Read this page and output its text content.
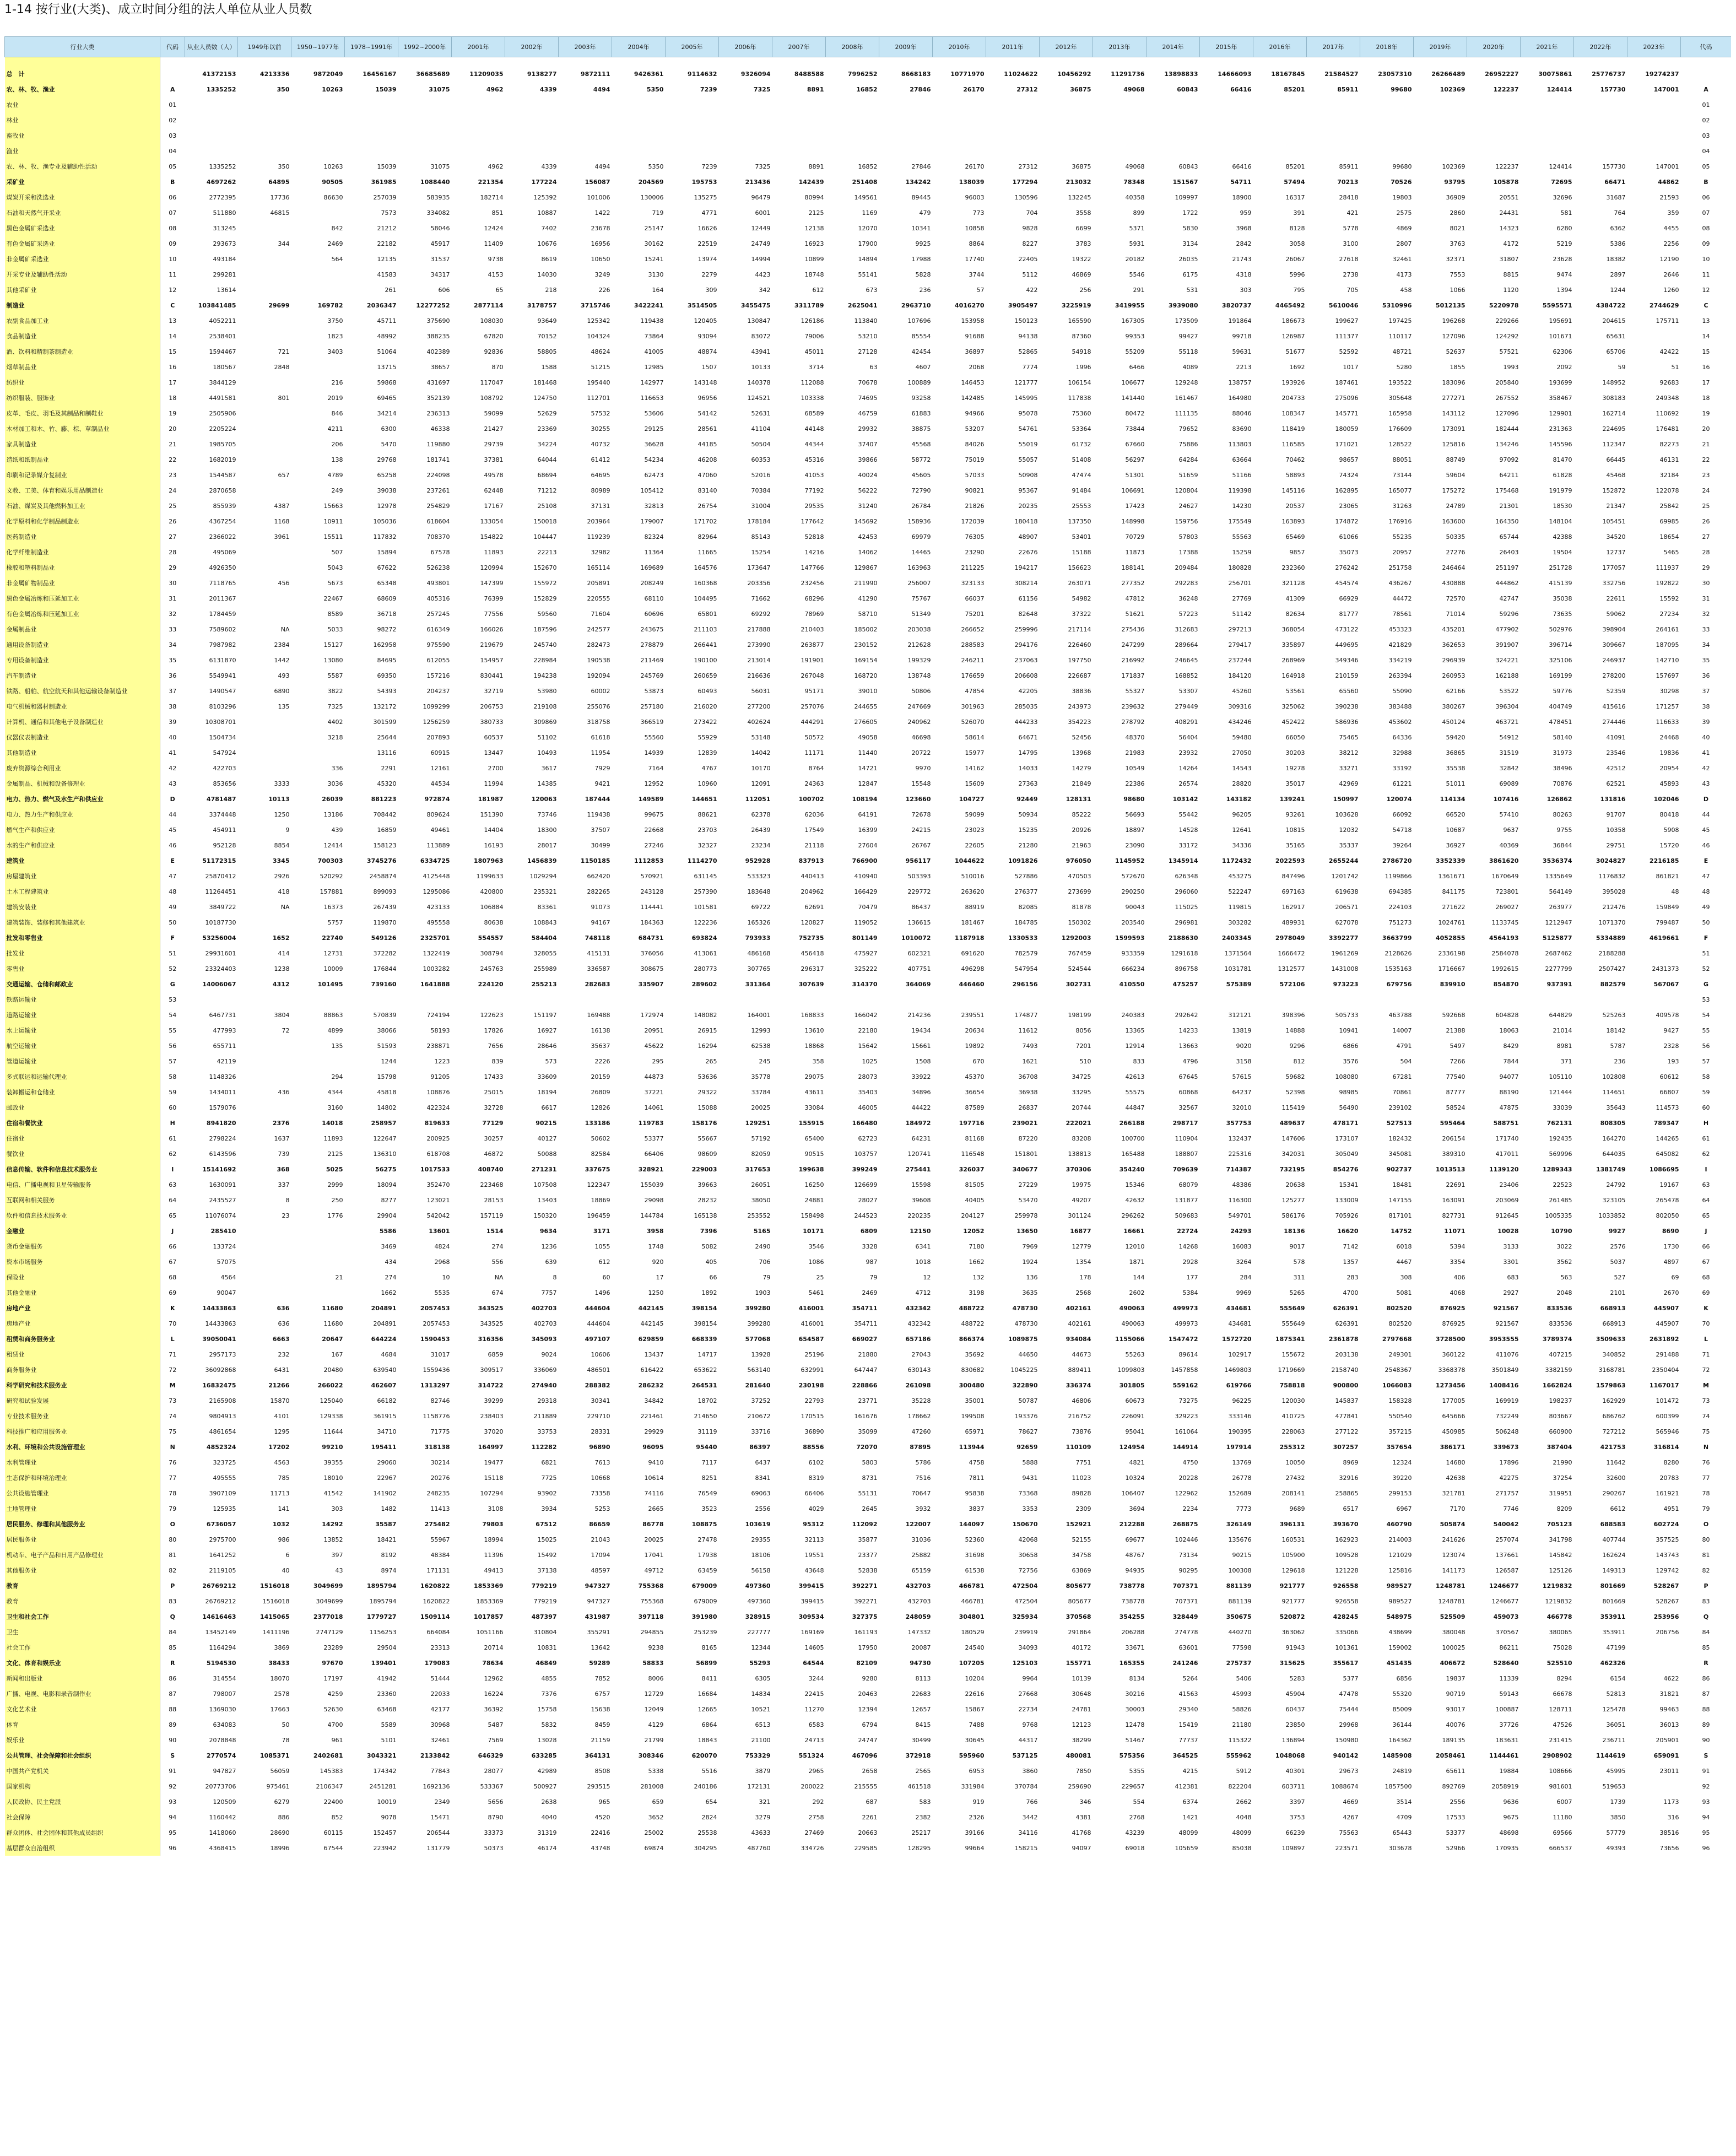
1-14 按行业(大类)、成立时间分组的法人单位从业人员数
行业大类	代码	从业人员数（人）	1949年以前	1950~1977年	1978~1991年	1992~2000年	2001年	2002年	2003年	2004年	2005年	2006年	2007年	2008年	2009年	2010年	2011年	2012年	2013年	2014年	2015年	2016年	2017年	2018年	2019年	2020年	2021年	2022年	2023年	代码

总　计		41372153	4213336	9872049	16456167	36685689	11209035	9138277	9872111	9426361	9114632	9326094	8488588	7996252	8668183	10771970	11024622	10456292	11291736	13898833	14666093	18167845	21584527	23057310	26266489	26952227	30075861	25776737	19274237	
农、林、牧、渔业	A	1335252	350	10263	15039	31075	4962	4339	4494	5350	7239	7325	8891	16852	27846	26170	27312	36875	49068	60843	66416	85201	85911	99680	102369	122237	124414	157730	147001	A
农业	01																													01
林业	02																													02
畜牧业	03																													03
渔业	04																													04
农、林、牧、渔专业及辅助性活动	05	1335252	350	10263	15039	31075	4962	4339	4494	5350	7239	7325	8891	16852	27846	26170	27312	36875	49068	60843	66416	85201	85911	99680	102369	122237	124414	157730	147001	05
采矿业	B	4697262	64895	90505	361985	1088440	221354	177224	156087	204569	195753	213436	142439	251408	134242	138039	177294	213032	78348	151567	54711	57494	70213	70526	93795	105878	72695	66471	44862	B
煤炭开采和洗选业	06	2772395	17736	86630	257039	583935	182714	125392	101006	130006	135275	96479	80994	149561	89445	96003	130596	132245	40358	109997	18900	16317	28418	19803	36909	20551	32696	31687	21593	06
石油和天然气开采业	07	511880	46815		7573	334082	851	10887	1422	719	4771	6001	2125	1169	479	773	704	3558	899	1722	959	391	421	2575	2860	24431	581	764	359	07
黑色金属矿采选业	08	313245		842	21212	58046	12424	7402	23678	25147	16626	12449	12138	12070	10341	10858	9828	6699	5371	5830	3968	8128	5778	4869	8021	14323	6280	6362	4455	08
有色金属矿采选业	09	293673	344	2469	22182	45917	11409	10676	16956	30162	22519	24749	16923	17900	9925	8864	8227	3783	5931	3134	2842	3058	3100	2807	3763	4172	5219	5386	2256	09
非金属矿采选业	10	493184		564	12135	31537	9738	8619	10650	15241	13974	14994	10899	14894	17988	17740	22405	19322	20182	26035	21743	26067	27618	32461	32371	31807	23628	18382	12190	10
开采专业及辅助性活动	11	299281			41583	34317	4153	14030	3249	3130	2279	4423	18748	55141	5828	3744	5112	46869	5546	6175	4318	5996	2738	4173	7553	8815	9474	2897	2646	11
其他采矿业	12	13614			261	606	65	218	226	164	309	342	612	673	236	57	422	256	291	531	303	795	705	458	1066	1120	1394	1244	1260	12
制造业	C	103841485	29699	169782	2036347	12277252	2877114	3178757	3715746	3422241	3514505	3455475	3311789	2625041	2963710	4016270	3905497	3225919	3419955	3939080	3820737	4465492	5610046	5310996	5012135	5220978	5595571	4384722	2744629	C
农副食品加工业	13	4052211		3750	45711	375690	108030	93649	125342	119438	120405	130847	126186	113840	107696	153958	150123	165590	167305	173509	191864	186673	199627	197425	196268	229266	195691	204615	175711	13
食品制造业	14	2538401		1823	48992	388235	67820	70152	104324	73864	93094	83072	79006	53210	85554	91688	94138	87360	99353	99427	99718	126987	111377	110117	127096	124292	101671	65631		14
酒、饮料和精制茶制造业	15	1594467	721	3403	51064	402389	92836	58805	48624	41005	48874	43941	45011	27128	42454	36897	52865	54918	55209	55118	59631	51677	52592	48721	52637	57521	62306	65706	42422	15
烟草制品业	16	180567	2848		13715	38657	870	1588	51215	12985	1507	10133	3714	63	4607	2068	7774	1996	6466	4089	2213	1692	1017	5280	1855	1993	2092	59	51	16
纺织业	17	3844129		216	59868	431697	117047	181468	195440	142977	143148	140378	112088	70678	100889	146453	121777	106154	106677	129248	138757	193926	187461	193522	183096	205840	193699	148952	92683	17
纺织服装、服饰业	18	4491581	801	2019	69465	352139	108792	124750	112701	116653	96956	124521	103338	74695	93258	142485	145995	117838	141440	161467	164980	204733	275096	305648	277271	267552	358467	308183	249348	18
皮革、毛皮、羽毛及其制品和制鞋业	19	2505906		846	34214	236313	59099	52629	57532	53606	54142	52631	68589	46759	61883	94966	95078	75360	80472	111135	88046	108347	145771	165958	143112	127096	129901	162714	110692	19
木材加工和木、竹、藤、棕、草制品业	20	2205224		4211	6300	46338	21427	23369	30255	29125	28561	41104	44148	29932	38875	53207	54761	53364	73844	79652	83690	118419	180059	176609	173091	182444	231363	224695	176481	20
家具制造业	21	1985705		206	5470	119880	29739	34224	40732	36628	44185	50504	44344	37407	45568	84026	55019	61732	67660	75886	113803	116585	171021	128522	125816	134246	145596	112347	82273	21
造纸和纸制品业	22	1682019		138	29768	181741	37381	64044	61412	54234	46208	60353	45316	39866	58772	75019	55057	51408	56297	64284	63664	70462	98657	88051	88749	97092	81470	66445	46131	22
印刷和记录媒介复制业	23	1544587	657	4789	65258	224098	49578	68694	64695	62473	47060	52016	41053	40024	45605	57033	50908	47474	51301	51659	51166	58893	74324	73144	59604	64211	61828	45468	32184	23
文教、工美、体育和娱乐用品制造业	24	2870658		249	39038	237261	62448	71212	80989	105412	83140	70384	77192	56222	72790	90821	95367	91484	106691	120804	119398	145116	162895	165077	175272	175468	191979	152872	122078	24
石油、煤炭及其他燃料加工业	25	855939	4387	15663	12978	254829	17167	25108	37131	32813	26754	31004	29535	31240	26784	21826	20235	25553	17423	24627	14230	20537	23065	31263	24789	21301	18530	21347	25842	25
化学原料和化学制品制造业	26	4367254	1168	10911	105036	618604	133054	150018	203964	179007	171702	178184	177642	145692	158936	172039	180418	137350	148998	159756	175549	163893	174872	176916	163600	164350	148104	105451	69985	26
医药制造业	27	2366022	3961	15511	117832	708370	154822	104447	119239	82324	82964	85143	52818	42453	69979	76305	48907	53401	70729	57803	55563	65469	61066	55235	50335	65744	42388	34520	18654	27
化学纤维制造业	28	495069		507	15894	67578	11893	22213	32982	11364	11665	15254	14216	14062	14465	23290	22676	15188	11873	17388	15259	9857	35073	20957	27276	26403	19504	12737	5465	28
橡胶和塑料制品业	29	4926350		5043	67622	526238	120994	152670	165114	169689	164576	173647	147766	129867	163963	211225	194217	156623	188141	209484	180828	232360	276242	251758	246464	251197	251728	177057	111937	29
非金属矿物制品业	30	7118765	456	5673	65348	493801	147399	155972	205891	208249	160368	203356	232456	211990	256007	323133	308214	263071	277352	292283	256701	321128	454574	436267	430888	444862	415139	332756	192822	30
黑色金属冶炼和压延加工业	31	2011367		22467	68609	405316	76399	152829	220555	68110	104495	71662	68296	41290	75767	66037	61156	54982	47812	36248	27769	41309	66929	44472	72570	42747	35038	22611	15592	31
有色金属冶炼和压延加工业	32	1784459		8589	36718	257245	77556	59560	71604	60696	65801	69292	78969	58710	51349	75201	82648	37322	51621	57223	51142	82634	81777	78561	71014	59296	73635	59062	27234	32
金属制品业	33	7589602	NA	5033	98272	616349	166026	187596	242577	243675	211103	217888	210403	185002	203038	266652	259996	217114	275436	312683	297213	368054	473122	453323	435201	477902	502976	398904	264161	33
通用设备制造业	34	7987982	2384	15127	162958	975590	219679	245740	282473	278879	266441	273990	263877	230152	212628	288583	294176	226460	247299	289664	279417	335897	449695	421829	362653	391907	396714	309667	187095	34
专用设备制造业	35	6131870	1442	13080	84695	612055	154957	228984	190538	211469	190100	213014	191901	169154	199329	246211	237063	197750	216992	246645	237244	268969	349346	334219	296939	324221	325106	246937	142710	35
汽车制造业	36	5549941	493	5587	69350	157216	830441	194238	192094	245769	260659	216636	267048	168720	138748	176659	206608	226687	171837	168852	184120	164918	210159	263394	260953	162188	169199	278200	157697	36
铁路、船舶、航空航天和其他运输设备制造业	37	1490547	6890	3822	54393	204237	32719	53980	60002	53873	60493	56031	95171	39010	50806	47854	42205	38836	55327	53307	45260	53561	65560	55090	62166	53522	59776	52359	30298	37
电气机械和器材制造业	38	8103296	135	7325	132172	1099299	206753	219108	255076	257180	216020	277200	257076	244655	247669	301963	285035	243973	239632	279449	309316	325062	390238	383488	380267	396304	404749	415616	171257	38
计算机、通信和其他电子设备制造业	39	10308701		4402	301599	1256259	380733	309869	318758	366519	273422	402624	444291	276605	240962	526070	444233	354223	278792	408291	434246	452422	586936	453602	450124	463721	478451	274446	116633	39
仪器仪表制造业	40	1504734		3218	25644	207893	60537	51102	61618	55560	55929	53148	50572	49058	46698	58614	64671	52456	48370	56404	59480	66050	75465	64336	59420	54912	58140	41091	24468	40
其他制造业	41	547924			13116	60915	13447	10493	11954	14939	12839	14042	11171	11440	20722	15977	14795	13968	21983	23932	27050	30203	38212	32988	36865	31519	31973	23546	19836	41
废弃资源综合利用业	42	422703		336	2291	12161	2700	3617	7929	7164	4767	10170	8764	14721	9970	14162	14033	14279	10549	14264	14543	19278	33271	33192	35538	32842	38496	42512	20954	42
金属制品、机械和设备修理业	43	853656	3333	3036	45320	44534	11994	14385	9421	12952	10960	12091	24363	12847	15548	15609	27363	21849	22386	26574	28820	35017	42969	61221	51011	69089	70876	62521	45893	43
电力、热力、燃气及水生产和供应业	D	4781487	10113	26039	881223	972874	181987	120063	187444	149589	144651	112051	100702	108194	123660	104727	92449	128131	98680	103142	143182	139241	150997	120074	114134	107416	126862	131816	102046	D
电力、热力生产和供应业	44	3374448	1250	13186	708442	809624	151390	73746	119438	99675	88621	62378	62036	64191	72678	59099	50934	85222	56693	55442	96205	93261	103628	66092	66520	57410	80263	91707	80418	44
燃气生产和供应业	45	454911	9	439	16859	49461	14404	18300	37507	22668	23703	26439	17549	16399	24215	23023	15235	20926	18897	14528	12641	10815	12032	54718	10687	9637	9755	10358	5908	45
水的生产和供应业	46	952128	8854	12414	158123	113889	16193	28017	30499	27246	32327	23234	21118	27604	26767	22605	21280	21963	23090	33172	34336	35165	35337	39264	36927	40369	36844	29751	15720	46
建筑业	E	51172315	3345	700303	3745276	6334725	1807963	1456839	1150185	1112853	1114270	952928	837913	766900	956117	1044622	1091826	976050	1145952	1345914	1172432	2022593	2655244	2786720	3352339	3861620	3536374	3024827	2216185	E
房屋建筑业	47	25870412	2926	520292	2458874	4125448	1199633	1029294	662420	570921	631145	533323	440413	410940	503393	510016	527886	470503	572670	626348	453275	847496	1201742	1199866	1361671	1670649	1335649	1176832	861821	47
土木工程建筑业	48	11264451	418	157881	899093	1295086	420800	235321	282265	243128	257390	183648	204962	166429	229772	263620	276377	273699	290250	296060	522247	697163	619638	694385	841175	723801	564149	395028	48	48
建筑安装业	49	3849722	NA	16373	267439	423133	106884	83361	91073	114441	101581	69722	62691	70479	86437	88919	82085	81878	90043	115025	119815	162917	206571	224103	271622	269027	263977	212476	159849	49
建筑装饰、装修和其他建筑业	50	10187730		5757	119870	495558	80638	108843	94167	184363	122236	165326	120827	119052	136615	181467	184785	150302	203540	296981	303282	489931	627078	751273	1024761	1133745	1212947	1071370	799487	50
批发和零售业	F	53256004	1652	22740	549126	2325701	554557	584404	748118	684731	693824	793933	752735	801149	1010072	1187918	1330533	1292003	1599593	2188630	2403345	2978049	3392277	3663799	4052855	4564193	5125877	5334889	4619661	F
批发业	51	29931601	414	12731	372282	1322419	308794	328055	415131	376056	413061	486168	456418	475927	602321	691620	782579	767459	933359	1291618	1371564	1666472	1961269	2128626	2336198	2584078	2687462	2188288		51
零售业	52	23324403	1238	10009	176844	1003282	245763	255989	336587	308675	280773	307765	296317	325222	407751	496298	547954	524544	666234	896758	1031781	1312577	1431008	1535163	1716667	1992615	2277799	2507427	2431373	52
交通运输、仓储和邮政业	G	14006067	4312	101495	739160	1641888	224120	255213	282683	335907	289602	331364	307639	314370	364069	446460	296156	302731	410550	475257	575389	572106	973223	679756	839910	854870	937391	882579	567067	G
铁路运输业	53																													53
道路运输业	54	6467731	3804	88863	570839	724194	122623	151197	169488	172974	148082	164001	168833	166042	214236	239551	174877	198199	240383	292642	312121	398396	505733	463788	592668	604828	644829	525263	409578	54
水上运输业	55	477993	72	4899	38066	58193	17826	16927	16138	20951	26915	12993	13610	22180	19434	20634	11612	8056	13365	14233	13819	14888	10941	14007	21388	18063	21014	18142	9427	55
航空运输业	56	655711		135	51593	238871	7656	28646	35637	45622	16294	62538	18868	15642	15661	19892	7493	7201	12914	13663	9020	9296	6866	4791	5497	8429	8981	5787	2328	56
管道运输业	57	42119			1244	1223	839	573	2226	295	265	245	358	1025	1508	670	1621	510	833	4796	3158	812	3576	504	7266	7844	371	236	193	57
多式联运和运输代理业	58	1148326		294	15798	91205	17433	33609	20159	44873	53636	35778	29075	28073	33922	45370	36708	34725	42613	67645	57615	59682	108080	67281	77540	94077	105110	102808	60612	58
装卸搬运和仓储业	59	1434011	436	4344	45818	108876	25015	18194	26809	37221	29322	33784	43611	35403	34896	36654	36938	33295	55575	60868	64237	52398	98985	70861	87777	88190	121444	114651	66807	59
邮政业	60	1579076		3160	14802	422324	32728	6617	12826	14061	15088	20025	33084	46005	44422	87589	26837	20744	44847	32567	32010	115419	56490	239102	58524	47875	33039	35643	114573	60
住宿和餐饮业	H	8941820	2376	14018	258957	819633	77129	90215	133186	119783	158176	129251	155915	166480	184972	197716	239021	222021	266188	298717	357753	489637	478171	527513	595464	588751	762131	808305	789347	H
住宿业	61	2798224	1637	11893	122647	200925	30257	40127	50602	53377	55667	57192	65400	62723	64231	81168	87220	83208	100700	110904	132437	147606	173107	182432	206154	171740	192435	164270	144265	61
餐饮业	62	6143596	739	2125	136310	618708	46872	50088	82584	66406	98609	82059	90515	103757	120741	116548	151801	138813	165488	188807	225316	342031	305049	345081	389310	417011	569996	644035	645082	62
信息传输、软件和信息技术服务业	I	15141692	368	5025	56275	1017533	408740	271231	337675	328921	229003	317653	199638	399249	275441	326037	340677	370306	354240	709639	714387	732195	854276	902737	1013513	1139120	1289343	1381749	1086695	I
电信、广播电视和卫星传输服务	63	1630091	337	2999	18094	352470	223468	107508	122347	155039	39663	26051	16250	126699	15598	81505	27229	19975	15346	68079	48386	20638	15341	18481	22691	23406	22523	24792	19167	63
互联网和相关服务	64	2435527	8	250	8277	123021	28153	13403	18869	29098	28232	38050	24881	28027	39608	40405	53470	49207	42632	131877	116300	125277	133009	147155	163091	203069	261485	323105	265478	64
软件和信息技术服务业	65	11076074	23	1776	29904	542042	157119	150320	196459	144784	165138	253552	158498	244523	220235	204127	259978	301124	296262	509683	549701	586176	705926	817101	827731	912645	1005335	1033852	802050	65
金融业	J	285410			5586	13601	1514	9634	3171	3958	7396	5165	10171	6809	12150	12052	13650	16877	16661	22724	24293	18136	16620	14752	11071	10028	10790	9927	8690	J
货币金融服务	66	133724			3469	4824	274	1236	1055	1748	5082	2490	3546	3328	6341	7180	7969	12779	12010	14268	16083	9017	7142	6018	5394	3133	3022	2576	1730	66
资本市场服务	67	57075			434	2968	556	639	612	920	405	706	1086	987	1018	1662	1924	1354	1871	2928	3264	578	1357	4467	3354	3301	3562	5037	4897	67
保险业	68	4564		21	274	10	NA	8	60	17	66	79	25	79	12	132	136	178	144	177	284	311	283	308	406	683	563	527	69	68
其他金融业	69	90047			1662	5535	674	7757	1496	1250	1892	1903	5461	2469	4712	3198	3635	2568	2602	5384	9969	5265	4700	5081	4068	2927	2048	2101	2670	69
房地产业	K	14433863	636	11680	204891	2057453	343525	402703	444604	442145	398154	399280	416001	354711	432342	488722	478730	402161	490063	499973	434681	555649	626391	802520	876925	921567	833536	668913	445907	K
房地产业	70	14433863	636	11680	204891	2057453	343525	402703	444604	442145	398154	399280	416001	354711	432342	488722	478730	402161	490063	499973	434681	555649	626391	802520	876925	921567	833536	668913	445907	70
租赁和商务服务业	L	39050041	6663	20647	644224	1590453	316356	345093	497107	629859	668339	577068	654587	669027	657186	866374	1089875	934084	1155066	1547472	1572720	1875341	2361878	2797668	3728500	3953555	3789374	3509633	2631892	L
租赁业	71	2957173	232	167	4684	31017	6859	9024	10606	13437	14717	13928	25196	21880	27043	35692	44650	44673	55263	89614	102917	155672	203138	249301	360122	411076	407215	340852	291488	71
商务服务业	72	36092868	6431	20480	639540	1559436	309517	336069	486501	616422	653622	563140	632991	647447	630143	830682	1045225	889411	1099803	1457858	1469803	1719669	2158740	2548367	3368378	3501849	3382159	3168781	2350404	72
科学研究和技术服务业	M	16832475	21266	266022	462607	1313297	314722	274940	288382	286232	264531	281640	230198	228866	261098	300480	322890	336374	301805	559162	619766	758818	900800	1066083	1273456	1408416	1662824	1579863	1167017	M
研究和试验发展	73	2165908	15870	125040	66182	82746	39299	29318	30341	34842	18702	37252	22793	23771	35228	35001	50787	46806	60673	73275	96225	120030	145837	158328	177005	169919	198237	162929	101472	73
专业技术服务业	74	9804913	4101	129338	361915	1158776	238403	211889	229710	221461	214650	210672	170515	161676	178662	199508	193376	216752	226091	329223	333146	410725	477841	550540	645666	732249	803667	686762	600399	74
科技推广和应用服务业	75	4861654	1295	11644	34710	71775	37020	33753	28331	29929	31119	33716	36890	35099	47260	65971	78627	73876	95041	161064	190395	228063	277122	357215	450985	506248	660900	727212	565946	75
水利、环境和公共设施管理业	N	4852324	17202	99210	195411	318138	164997	112282	96890	96095	95440	86397	88556	72070	87895	113944	92659	110109	124954	144914	197914	255312	307257	357654	386171	339673	387404	421753	316814	N
水利管理业	76	323725	4563	39355	29060	30214	19477	6821	7613	9410	7117	6437	6102	5803	5786	4758	5888	7751	4821	4750	13769	10050	8969	12324	14680	17896	21990	11642	8280	76
生态保护和环境治理业	77	495555	785	18010	22967	20276	15118	7725	10668	10614	8251	8341	8319	8731	7516	7811	9431	11023	10324	20228	26778	27432	32916	39220	42638	42275	37254	32600	20783	77
公共设施管理业	78	3907109	11713	41542	141902	248235	107294	93902	73358	74116	76549	69063	66406	55131	70647	95838	73368	89828	106407	122962	152689	208141	258865	299153	321781	271757	319951	290267	161921	78
土地管理业	79	125935	141	303	1482	11413	3108	3934	5253	2665	3523	2556	4029	2645	3932	3837	3353	2309	3694	2234	7773	9689	6517	6967	7170	7746	8209	6612	4951	79
居民服务、修理和其他服务业	O	6736057	1032	14292	35587	275482	79803	67512	86659	86778	108875	103619	95312	112092	122007	144097	150670	152921	212288	268875	326149	396131	393670	460790	505874	540042	705123	688583	602724	O
居民服务业	80	2975700	986	13852	18421	55967	18994	15025	21043	20025	27478	29355	32113	35877	31036	52360	42068	52155	69677	102446	135676	160531	162923	214003	241626	257074	341798	407744	357525	80
机动车、电子产品和日用产品修理业	81	1641252	6	397	8192	48384	11396	15492	17094	17041	17938	18106	19551	23377	25882	31698	30658	34758	48767	73134	90215	105900	109528	121029	123074	137661	145842	162624	143743	81
其他服务业	82	2119105	40	43	8974	171131	49413	37138	48597	49712	63459	56158	43648	52838	65159	61538	72756	63869	94935	90295	100308	129618	121228	125816	141173	126587	125126	149313	129742	82
教育	P	26769212	1516018	3049699	1895794	1620822	1853369	779219	947327	755368	679009	497360	399415	392271	432703	466781	472504	805677	738778	707371	881139	921777	926558	989527	1248781	1246677	1219832	801669	528267	P
教育	83	26769212	1516018	3049699	1895794	1620822	1853369	779219	947327	755368	679009	497360	399415	392271	432703	466781	472504	805677	738778	707371	881139	921777	926558	989527	1248781	1246677	1219832	801669	528267	83
卫生和社会工作	Q	14616463	1415065	2377018	1779727	1509114	1017857	487397	431987	397118	391980	328915	309534	327375	248059	304801	325934	370568	354255	328449	350675	520872	428245	548975	525509	459073	466778	353911	253956	Q
卫生	84	13452149	1411196	2747129	1156253	664084	1051166	310804	355291	294855	253239	227777	169169	161193	147332	180529	239919	291864	206288	274778	440270	363062	335066	438699	380048	370567	380065	353911	206756	84
社会工作	85	1164294	3869	23289	29504	23313	20714	10831	13642	9238	8165	12344	14605	17950	20087	24540	34093	40172	33671	63601	77598	91943	101361	159002	100025	86211	75028	47199		85
文化、体育和娱乐业	R	5194530	38433	97670	139401	179083	78634	46849	59289	58833	56899	55293	64544	82109	94730	107205	125103	155771	165355	241246	275737	315625	355617	451435	406672	528640	525510	462326		R
新闻和出版业	86	314554	18070	17197	41942	51444	12962	4855	7852	8006	8411	6305	3244	9280	8113	10204	9964	10139	8134	5264	5406	5283	5377	6856	19837	11339	8294	6154	4622	86
广播、电视、电影和录音制作业	87	798007	2578	4259	23360	22033	16224	7376	6757	12729	16684	14834	22415	20463	22683	22616	27668	30648	30216	41563	45993	45904	47478	55320	90719	59143	66678	52813	31821	87
文化艺术业	88	1369030	17663	52630	63468	42177	36392	15758	15638	12049	12665	10521	11270	12394	12657	15867	22734	24781	30003	29340	58826	60437	75444	85009	93017	100887	128711	125478	99463	88
体育	89	634083	50	4700	5589	30968	5487	5832	8459	4129	6864	6513	6583	6794	8415	7488	9768	12123	12478	15419	21180	23850	29968	36144	40076	37726	47526	36051	36013	89
娱乐业	90	2078848	78	961	5101	32461	7569	13028	21159	21799	18843	21100	24713	24747	30499	30645	44317	38299	51467	77737	115322	136894	150980	164362	189135	183631	231415	236711	205901	90
公共管理、社会保障和社会组织	S	2770574	1085371	2402681	3043321	2133842	646329	633285	364131	308346	620070	753329	551324	467096	372918	595960	537125	480081	575356	364525	555962	1048068	940142	1485908	2058461	1144461	2908902	1144619	659091	S
中国共产党机关	91	947827	56059	145383	174342	77843	28077	42989	8508	5338	5516	3879	2965	2658	2565	6953	3860	7850	5355	4215	5912	40301	29673	24819	65611	19884	108666	45995	23011	91
国家机构	92	20773706	975461	2106347	2451281	1692136	533367	500927	293515	281008	240186	172131	200022	215555	461518	331984	370784	259690	229657	412381	822204	603711	1088674	1857500	892769	2058919	981601	519653		92
人民政协、民主党派	93	120509	6279	22400	10019	2349	5656	2638	965	659	654	321	292	687	583	919	766	346	554	6374	2662	3397	4669	3514	2556	9636	6007	1739	1173	93
社会保障	94	1160442	886	852	9078	15471	8790	4040	4520	3652	2824	3279	2758	2261	2382	2326	3442	4381	2768	1421	4048	3753	4267	4709	17533	9675	11180	3850	316	94
群众团体、社会团体和其他成员组织	95	1418060	28690	60115	152457	206544	33373	31319	22416	25002	25538	43633	27469	20663	25217	39166	34116	41768	43239	48099	48099	66239	75563	65443	53377	48698	69566	57779	38516	95
基层群众自治组织	96	4368415	18996	67544	223942	131779	50373	46174	43748	69874	304295	487760	334726	229585	128295	99664	158215	94097	69018	105659	85038	109897	223571	303678	52966	170935	666537	49393	73656	96
